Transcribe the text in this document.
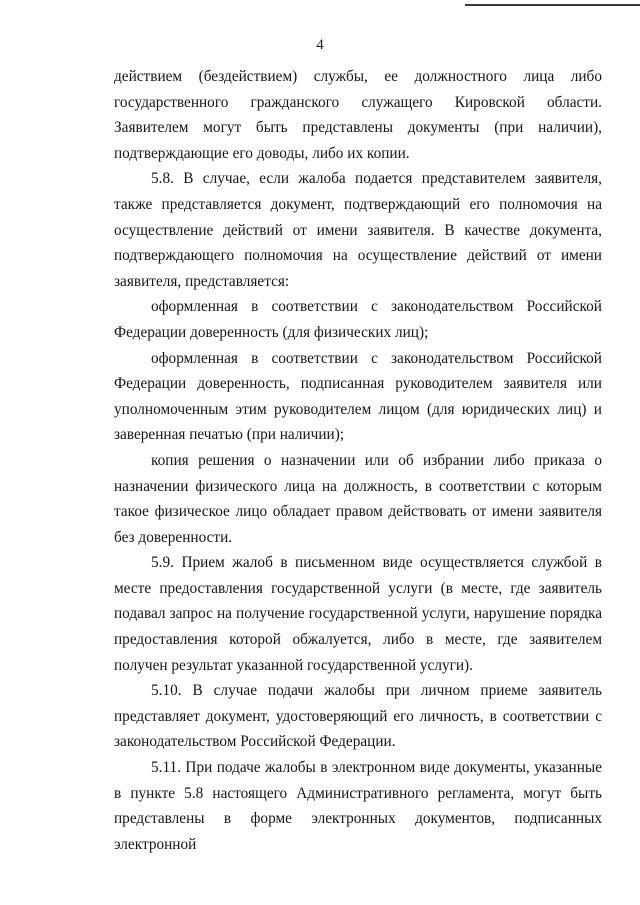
4

действием (бездействием) службы, ее должностного лица либо государственного гражданского служащего Кировской области. Заявителем могут быть представлены документы (при наличии), подтверждающие его доводы, либо их копии.

5.8. В случае, если жалоба подается представителем заявителя, также представляется документ, подтверждающий его полномочия на осуществление действий от имени заявителя. В качестве документа, подтверждающего полномочия на осуществление действий от имени заявителя, представляется:

оформленная в соответствии с законодательством Российской Федерации доверенность (для физических лиц);

оформленная в соответствии с законодательством Российской Федерации доверенность, подписанная руководителем заявителя или уполномоченным этим руководителем лицом (для юридических лиц) и заверенная печатью (при наличии);

копия решения о назначении или об избрании либо приказа о назначении физического лица на должность, в соответствии с которым такое физическое лицо обладает правом действовать от имени заявителя без доверенности.

5.9. Прием жалоб в письменном виде осуществляется службой в месте предоставления государственной услуги (в месте, где заявитель подавал запрос на получение государственной услуги, нарушение порядка предоставления которой обжалуется, либо в месте, где заявителем получен результат указанной государственной услуги).

5.10. В случае подачи жалобы при личном приеме заявитель представляет документ, удостоверяющий его личность, в соответствии с законодательством Российской Федерации.

5.11. При подаче жалобы в электронном виде документы, указанные в пункте 5.8 настоящего Административного регламента, могут быть представлены в форме электронных документов, подписанных электронной
